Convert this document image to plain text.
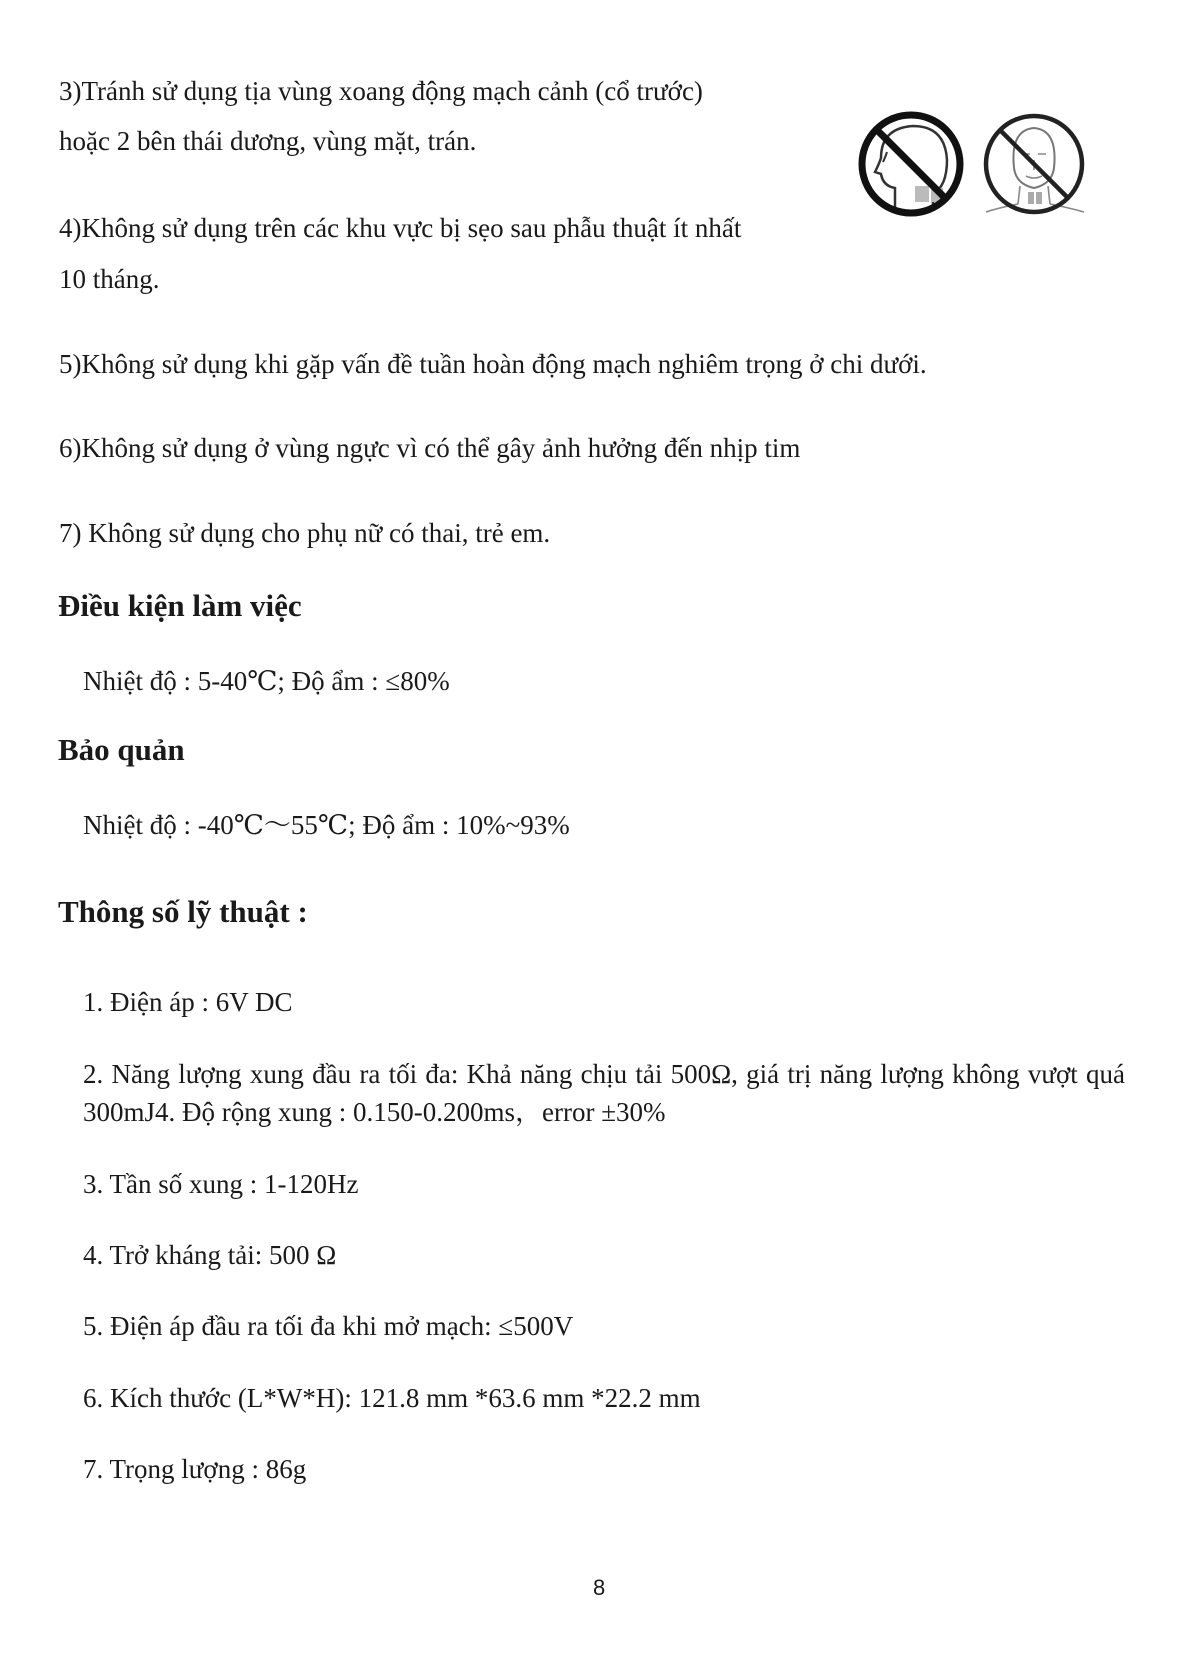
3)Tránh sử dụng tịa vùng xoang động mạch cảnh (cổ trước)
hoặc 2 bên thái dương, vùng mặt, trán.
4)Không sử dụng trên các khu vực bị sẹo sau phẫu thuật ít nhất
10 tháng.
5)Không sử dụng khi gặp vấn đề tuần hoàn động mạch nghiêm trọng ở chi dưới.
6)Không sử dụng ở vùng ngực vì có thể gây ảnh hưởng đến nhịp tim
7) Không sử dụng cho phụ nữ có thai, trẻ em.
Điều kiện làm việc
Nhiệt độ : 5-40℃; Độ ẩm : ≤80%
Bảo quản
Nhiệt độ : -40℃～55℃; Độ ẩm : 10%~93%
Thông số lỹ thuật :
1. Điện áp : 6V DC
2. Năng lượng xung đầu ra tối đa: Khả năng chịu tải 500Ω, giá trị năng lượng không vượt quá 300mJ4. Độ rộng xung : 0.150-0.200ms，error ±30%
3. Tần số xung : 1-120Hz
4. Trở kháng tải: 500 Ω
5. Điện áp đầu ra tối đa khi mở mạch: ≤500V
6. Kích thước (L*W*H): 121.8 mm *63.6 mm *22.2 mm
7. Trọng lượng : 86g
8
